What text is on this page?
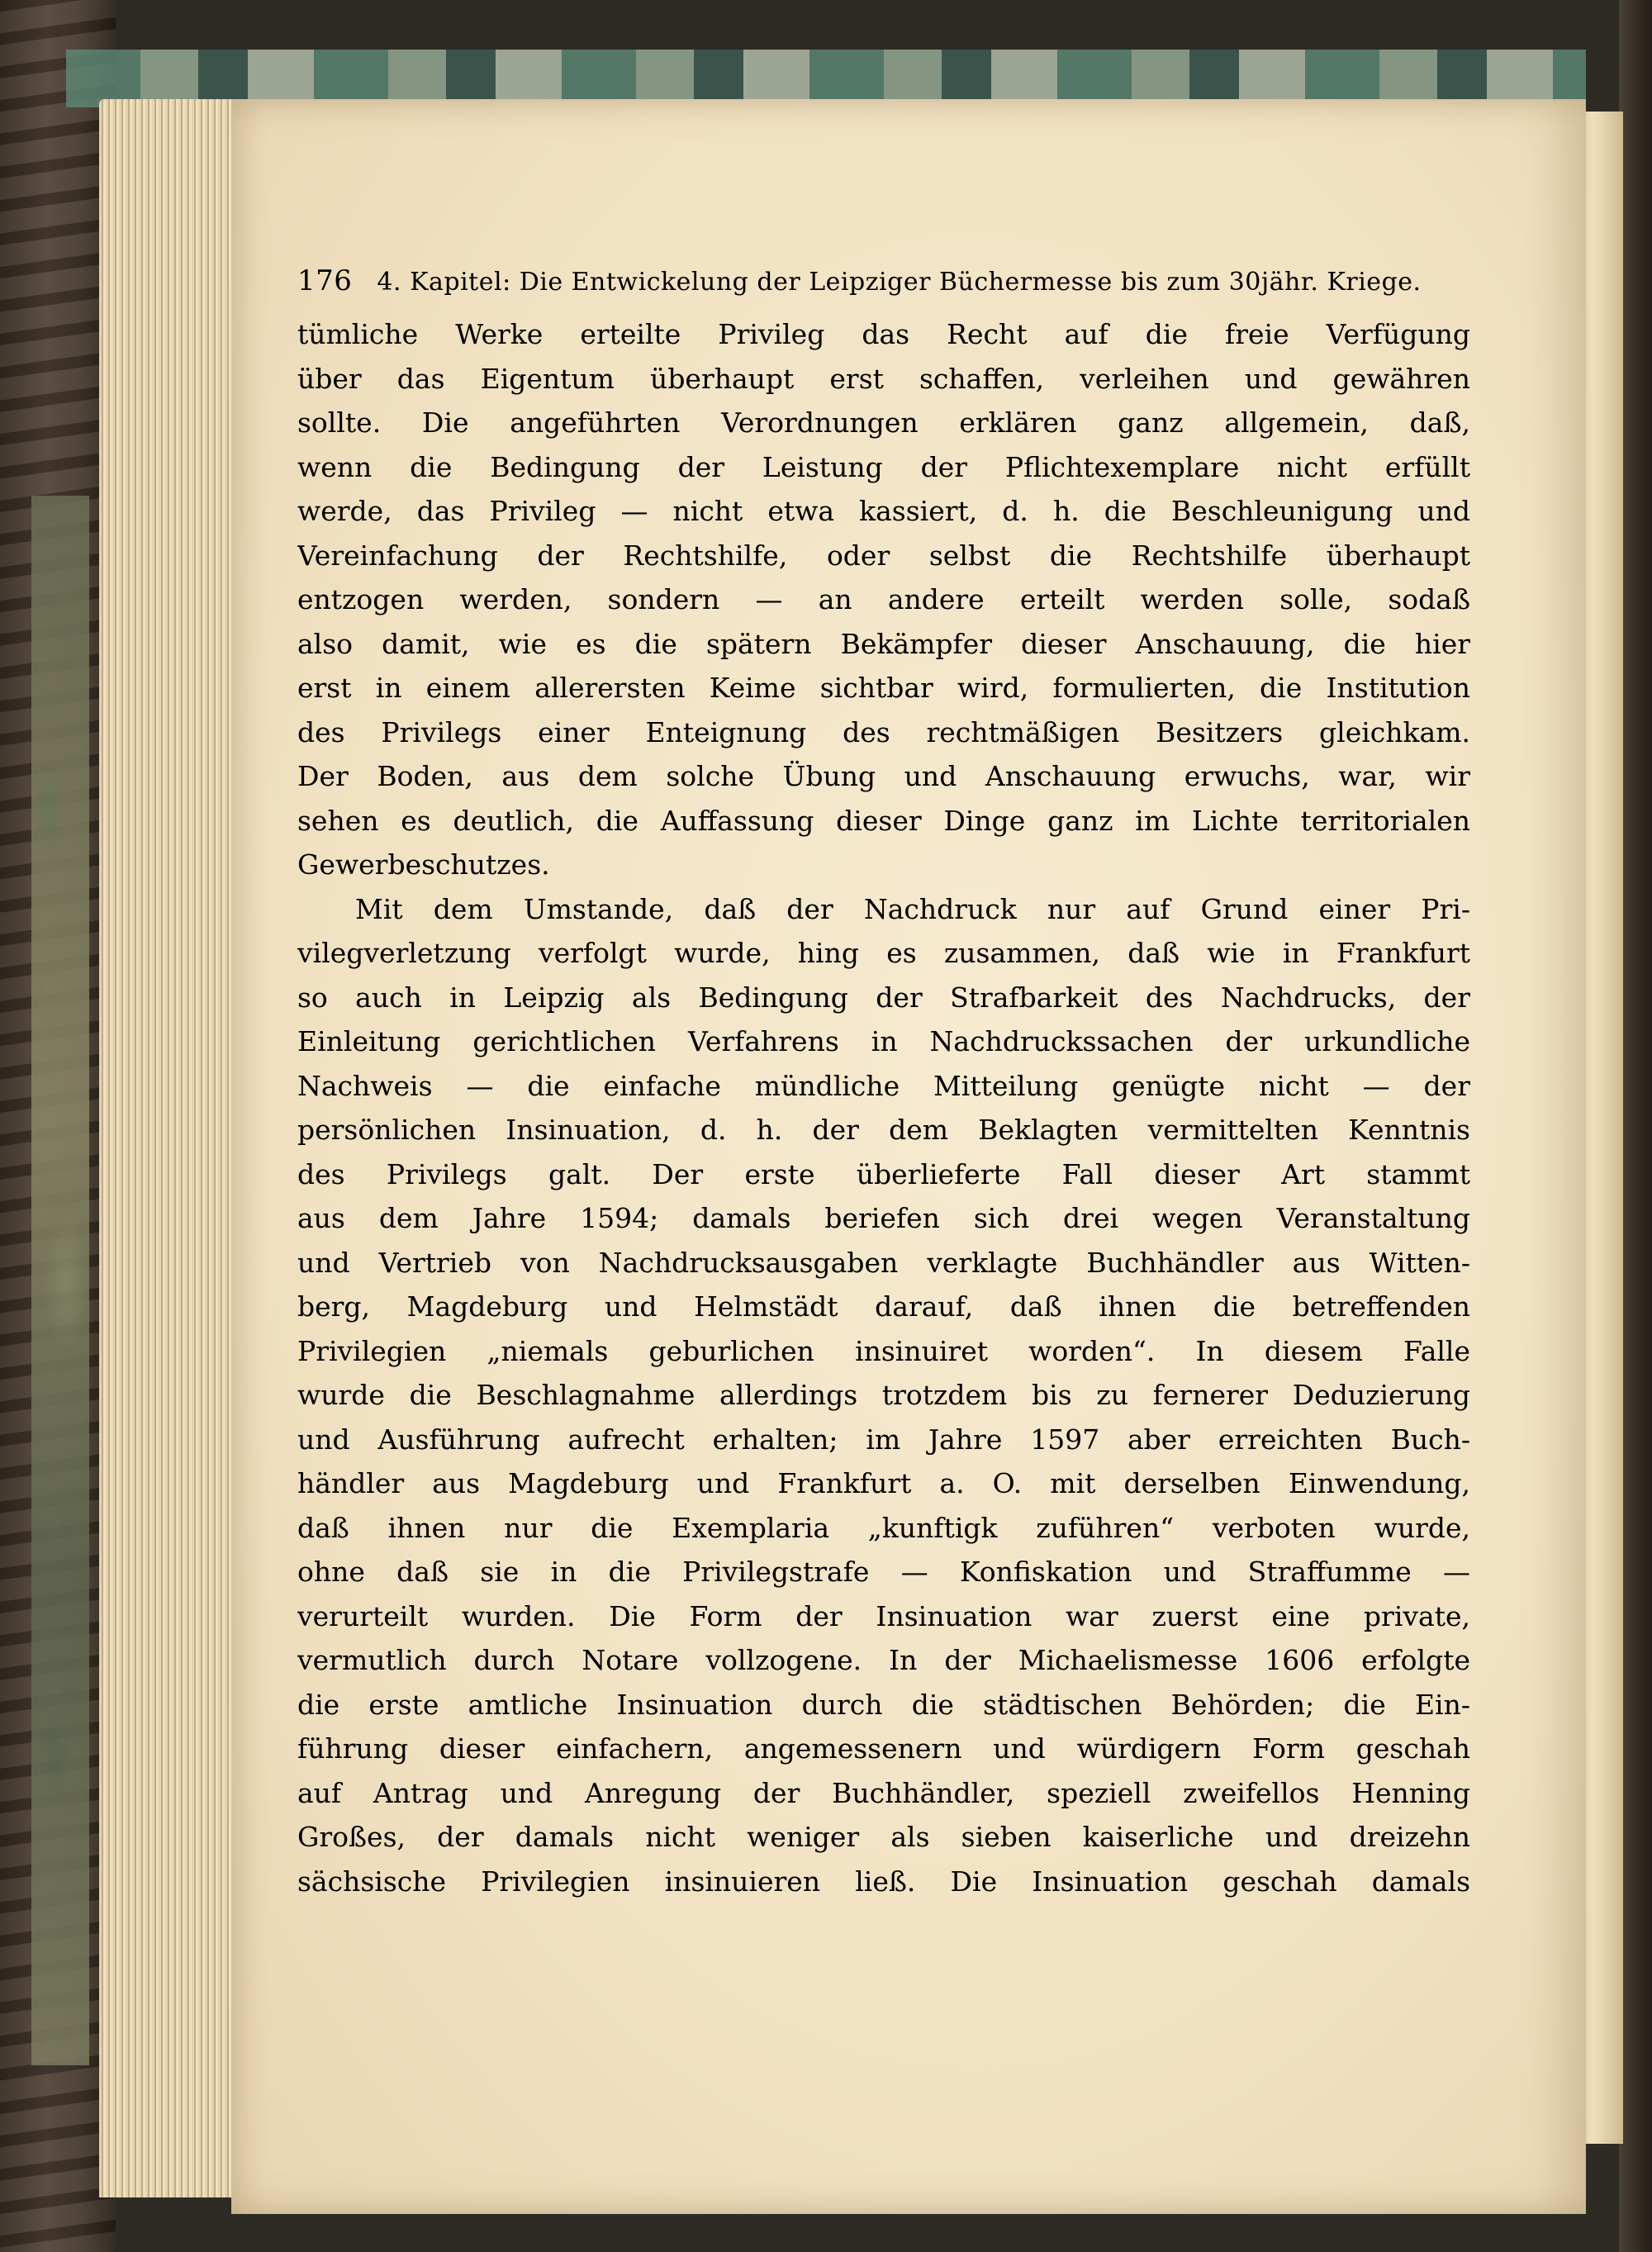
176 4. Kapitel: Die Entwickelung der Leipziger Büchermesse bis zum 30jähr. Kriege.
tümliche Werke erteilte Privileg das Recht auf die freie Verfügung
über das Eigentum überhaupt erst schaffen, verleihen und gewähren
sollte. Die angeführten Verordnungen erklären ganz allgemein, daß,
wenn die Bedingung der Leistung der Pflichtexemplare nicht erfüllt
werde, das Privileg — nicht etwa kassiert, d. h. die Beschleunigung und
Vereinfachung der Rechtshilfe, oder selbst die Rechtshilfe überhaupt
entzogen werden, sondern — an andere erteilt werden solle, sodaß
also damit, wie es die spätern Bekämpfer dieser Anschauung, die hier
erst in einem allerersten Keime sichtbar wird, formulierten, die Institution
des Privilegs einer Enteignung des rechtmäßigen Besitzers gleichkam.
Der Boden, aus dem solche Übung und Anschauung erwuchs, war, wir
sehen es deutlich, die Auffassung dieser Dinge ganz im Lichte territorialen
Gewerbeschutzes.
Mit dem Umstande, daß der Nachdruck nur auf Grund einer Pri-
vilegverletzung verfolgt wurde, hing es zusammen, daß wie in Frankfurt
so auch in Leipzig als Bedingung der Strafbarkeit des Nachdrucks, der
Einleitung gerichtlichen Verfahrens in Nachdruckssachen der urkundliche
Nachweis — die einfache mündliche Mitteilung genügte nicht — der
persönlichen Insinuation, d. h. der dem Beklagten vermittelten Kenntnis
des Privilegs galt. Der erste überlieferte Fall dieser Art stammt
aus dem Jahre 1594; damals beriefen sich drei wegen Veranstaltung
und Vertrieb von Nachdrucksausgaben verklagte Buchhändler aus Witten-
berg, Magdeburg und Helmstädt darauf, daß ihnen die betreffenden
Privilegien „niemals geburlichen insinuiret worden“. In diesem Falle
wurde die Beschlagnahme allerdings trotzdem bis zu fernerer Deduzierung
und Ausführung aufrecht erhalten; im Jahre 1597 aber erreichten Buch-
händler aus Magdeburg und Frankfurt a. O. mit derselben Einwendung,
daß ihnen nur die Exemplaria „kunftigk zuführen“ verboten wurde,
ohne daß sie in die Privilegstrafe — Konfiskation und Straffumme —
verurteilt wurden. Die Form der Insinuation war zuerst eine private,
vermutlich durch Notare vollzogene. In der Michaelismesse 1606 erfolgte
die erste amtliche Insinuation durch die städtischen Behörden; die Ein-
führung dieser einfachern, angemessenern und würdigern Form geschah
auf Antrag und Anregung der Buchhändler, speziell zweifellos Henning
Großes, der damals nicht weniger als sieben kaiserliche und dreizehn
sächsische Privilegien insinuieren ließ. Die Insinuation geschah damals
